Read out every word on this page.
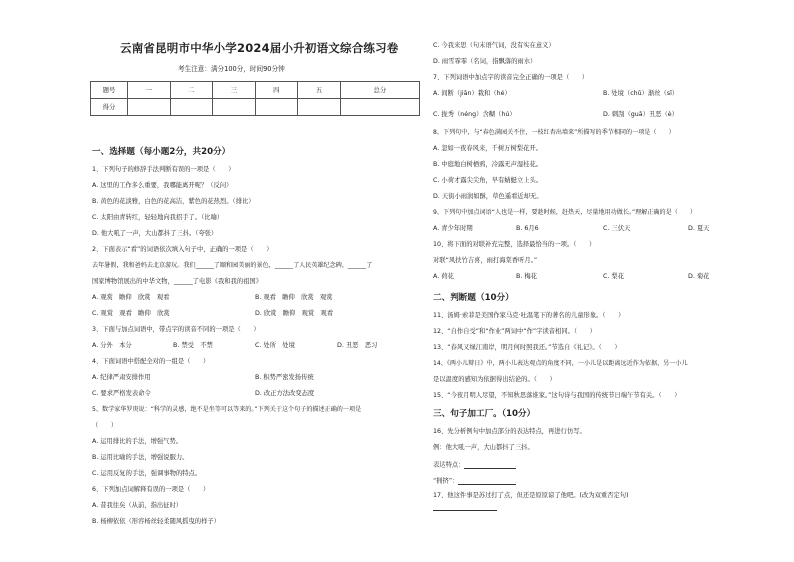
云南省昆明市中华小学2024届小升初语文综合练习卷
考生注意：满分100分，时间90分钟
题号	一	二	三	四	五	总分
得分						
一、选择题（每小题2分，共20分）
1、下列句子的修辞手法判断有误的一项是（　　）
A. 这里的工作多么重要，我哪能离开呢？（反问）
B. 黄色的花淡雅，白色的花高洁，紫色的花热烈。（排比）
C. 太阳由青转红，轻轻地向我招手了。（比喻）
D. 他大吼了一声，大山都抖了三抖。（夸张）
2、下面表示“看”的词语依次填入句子中，正确的一项是（　　）
去年暑假，我和爸妈去北京游玩。我们______了颐和园美丽的景色，______了人民英雄纪念碑，______了
国家博物馆展出的中华文物，______了电影《我和我的祖国》
A. 观赏　瞻仰　欣赏　观看	B. 观看　瞻仰　欣赏　观赏
C. 观赏　观看　瞻仰　欣赏	D. 欣赏　瞻仰　观赏　观看
3、下面与加点词语中，带点字的读音不同的一项是（　　）
A. 分外　本分	B. 禁受　不禁	C. 处所　处境	D. 丑恶　恶习
4、下面词语中搭配全对的一组是（　　）
A. 纪律严肃安排作用	B. 积势严密发扬传统
C. 要求严格发表命令	D. 改正方法改变态度
5、数学家华罗庚说：“科学的灵感，绝不是坐等可以等来的。”下列关于这个句子的描述正确的一项是
（　　）
A. 运用排比的手法，增强气势。
B. 运用比喻的手法，增强说服力。
C. 运用反复的手法，强调事物的特点。
6、下列加点词解释有误的一项是（　　）
A. 昔我往矣（从前，指出征时）
B. 杨柳依依（形容杨丝轻柔随风摇曳的样子）
C. 今我来思（句末语气词，没有实在意义）
D. 雨雪霏霏（名词，指飘落的雨水）
7、下列词语中加点字的读音完全正确的一项是（　　）
A. 间断（jiān）栽和（hé）	B. 处境（chǔ）渐丝（sī）
C. 拢秀（néng）含糊（hú）	D. 刺刮（guā）丑恶（è）
8、下列句中，与“春色满园关不住，一枝红杏出墙来”所描写的季节相同的一项是（　　）
A. 忽如一夜春风来，千树万树梨花开。
B. 中庭地白树栖鸦，冷露无声湿桂花。
C. 小荷才露尖尖角，早有蜻蜓立上头。
D. 天街小雨润如酥，草色遥看近却无。
9、下列句中加点词语“人也是一样，要趁时候，赶热天，尽量地用功做长。”理解正确的是（　　）
A. 青少年时期	B. 6月6	C. 三伏天	D. 夏天
10、将下面的对联补充完整，选择最恰当的一项。（　　）
对联“风扶竹吉喜，雨打海棠香听月。”
A. 荷花	B. 梅花	C. 梨花	D. 菊花
二、判断题（10分）
11、汤姆·索菲是美国作家马克·吐温笔下的著名的儿童形象。（　　）
12、“自作自受”和“作业”两词中“作”字读音相同。（　　）
13、“春风又绿江南岸，明月何时照我还。”节选自《礼记》。（　　）
14、《两小儿辩日》中，两小儿表达观点的角度不同，一小儿是以距离远近作为依据，另一小儿
是以温度的感知为依据得出结论的。（　　）
15、“今夜月明人尽望，不知秋思落谁家。”这句诗与我国的传统节日端午节有关。（　　）
三、句子加工厂。（10分）
16、先分析例句中加点部分的表达特点，再进行仿写。
例：他大吼一声，大山都抖了三抖。
表达特点：
“拥挤”：
17、他这件事是苏过打了点，但还是原原谅了他吧。(改为双重否定句)
